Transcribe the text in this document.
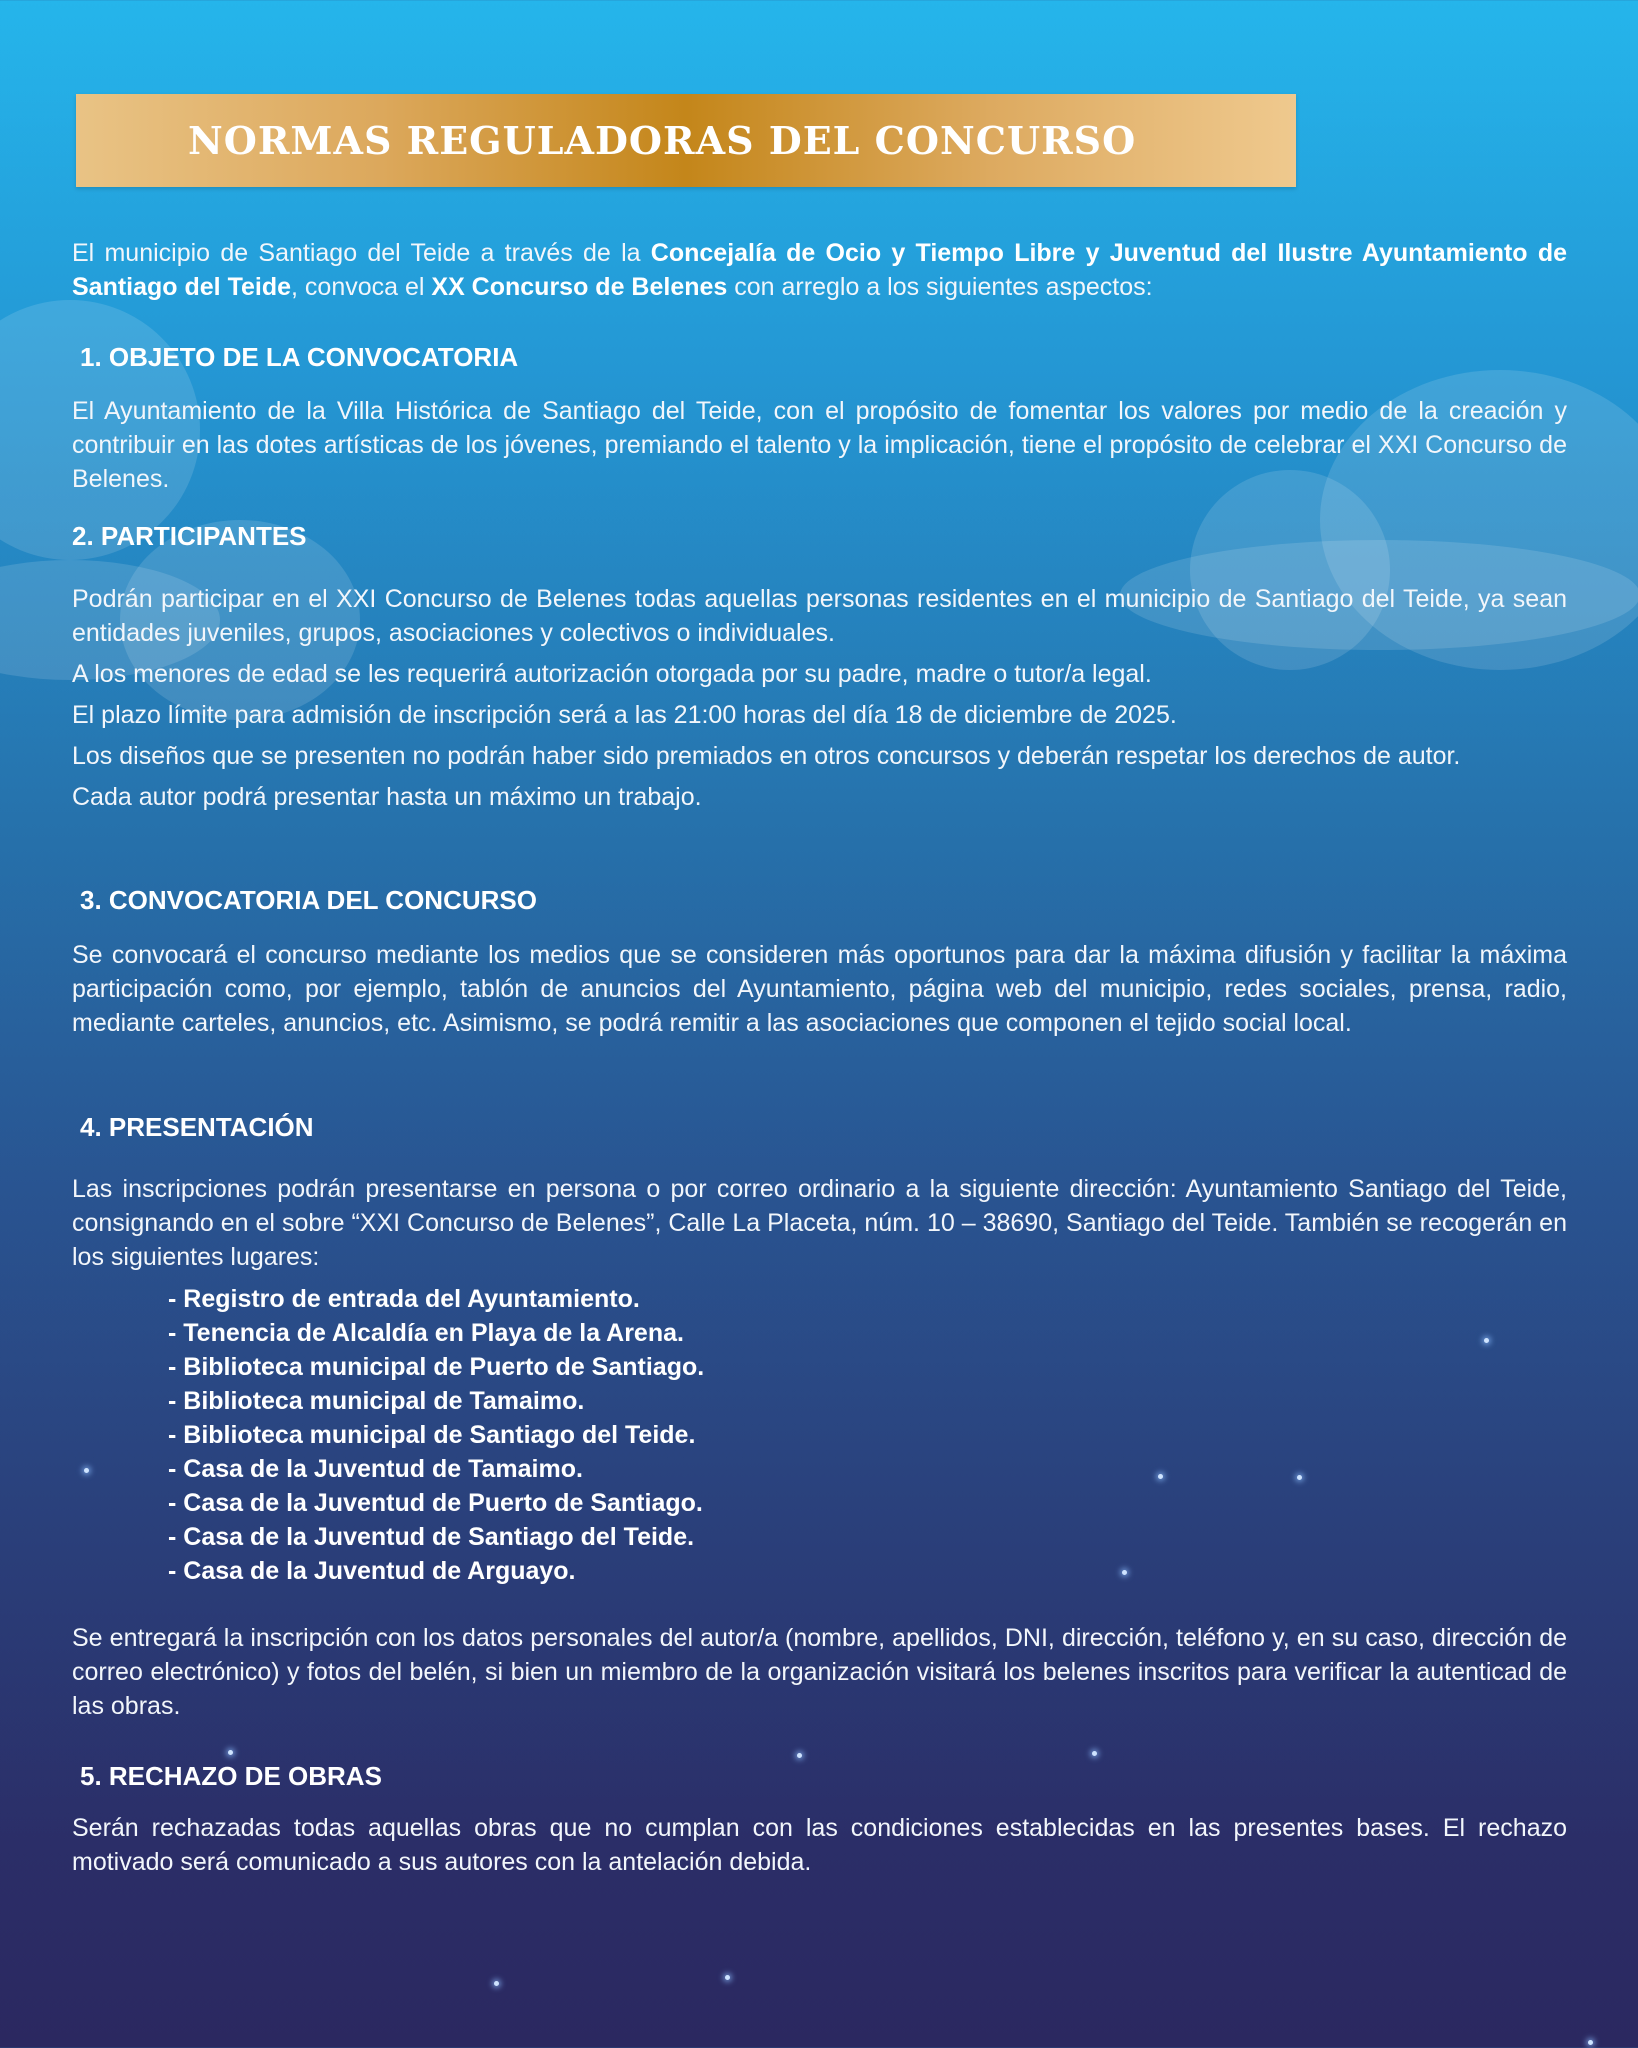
NORMAS REGULADORAS DEL CONCURSO
El municipio de Santiago del Teide a través de la Concejalía de Ocio y Tiempo Libre y Juventud del Ilustre Ayuntamiento de Santiago del Teide, convoca el XX Concurso de Belenes con arreglo a los siguientes aspectos:
1. OBJETO DE LA CONVOCATORIA

El Ayuntamiento de la Villa Histórica de Santiago del Teide, con el propósito de fomentar los valores por medio de la creación y contribuir en las dotes artísticas de los jóvenes, premiando el talento y la implicación, tiene el propósito de celebrar el XXI Concurso de Belenes.

2. PARTICIPANTES

Podrán participar en el XXI Concurso de Belenes todas aquellas personas residentes en el municipio de Santiago del Teide, ya sean entidades juveniles, grupos, asociaciones y colectivos o individuales.

A los menores de edad se les requerirá autorización otorgada por su padre, madre o tutor/a legal.

El plazo límite para admisión de inscripción será a las 21:00 horas del día 18 de diciembre de 2025.

Los diseños que se presenten no podrán haber sido premiados en otros concursos y deberán respetar los derechos de autor.

Cada autor podrá presentar hasta un máximo un trabajo.

3. CONVOCATORIA DEL CONCURSO

Se convocará el concurso mediante los medios que se consideren más oportunos para dar la máxima difusión y facilitar la máxima participación como, por ejemplo, tablón de anuncios del Ayuntamiento, página web del municipio, redes sociales, prensa, radio, mediante carteles, anuncios, etc. Asimismo, se podrá remitir a las asociaciones que componen el tejido social local.

4. PRESENTACIÓN

Las inscripciones podrán presentarse en persona o por correo ordinario a la siguiente dirección: Ayuntamiento Santiago del Teide, consignando en el sobre “XXI Concurso de Belenes”, Calle La Placeta, núm. 10 – 38690, Santiago del Teide. También se recogerán en los siguientes lugares:

- Registro de entrada del Ayuntamiento.
- Tenencia de Alcaldía en Playa de la Arena.
- Biblioteca municipal de Puerto de Santiago.
- Biblioteca municipal de Tamaimo.
- Biblioteca municipal de Santiago del Teide.
- Casa de la Juventud de Tamaimo.
- Casa de la Juventud de Puerto de Santiago.
- Casa de la Juventud de Santiago del Teide.
- Casa de la Juventud de Arguayo.

Se entregará la inscripción con los datos personales del autor/a (nombre, apellidos, DNI, dirección, teléfono y, en su caso, dirección de correo electrónico) y fotos del belén, si bien un miembro de la organización visitará los belenes inscritos para verificar la autenticad de las obras.

5. RECHAZO DE OBRAS

Serán rechazadas todas aquellas obras que no cumplan con las condiciones establecidas en las presentes bases. El rechazo motivado será comunicado a sus autores con la antelación debida.
